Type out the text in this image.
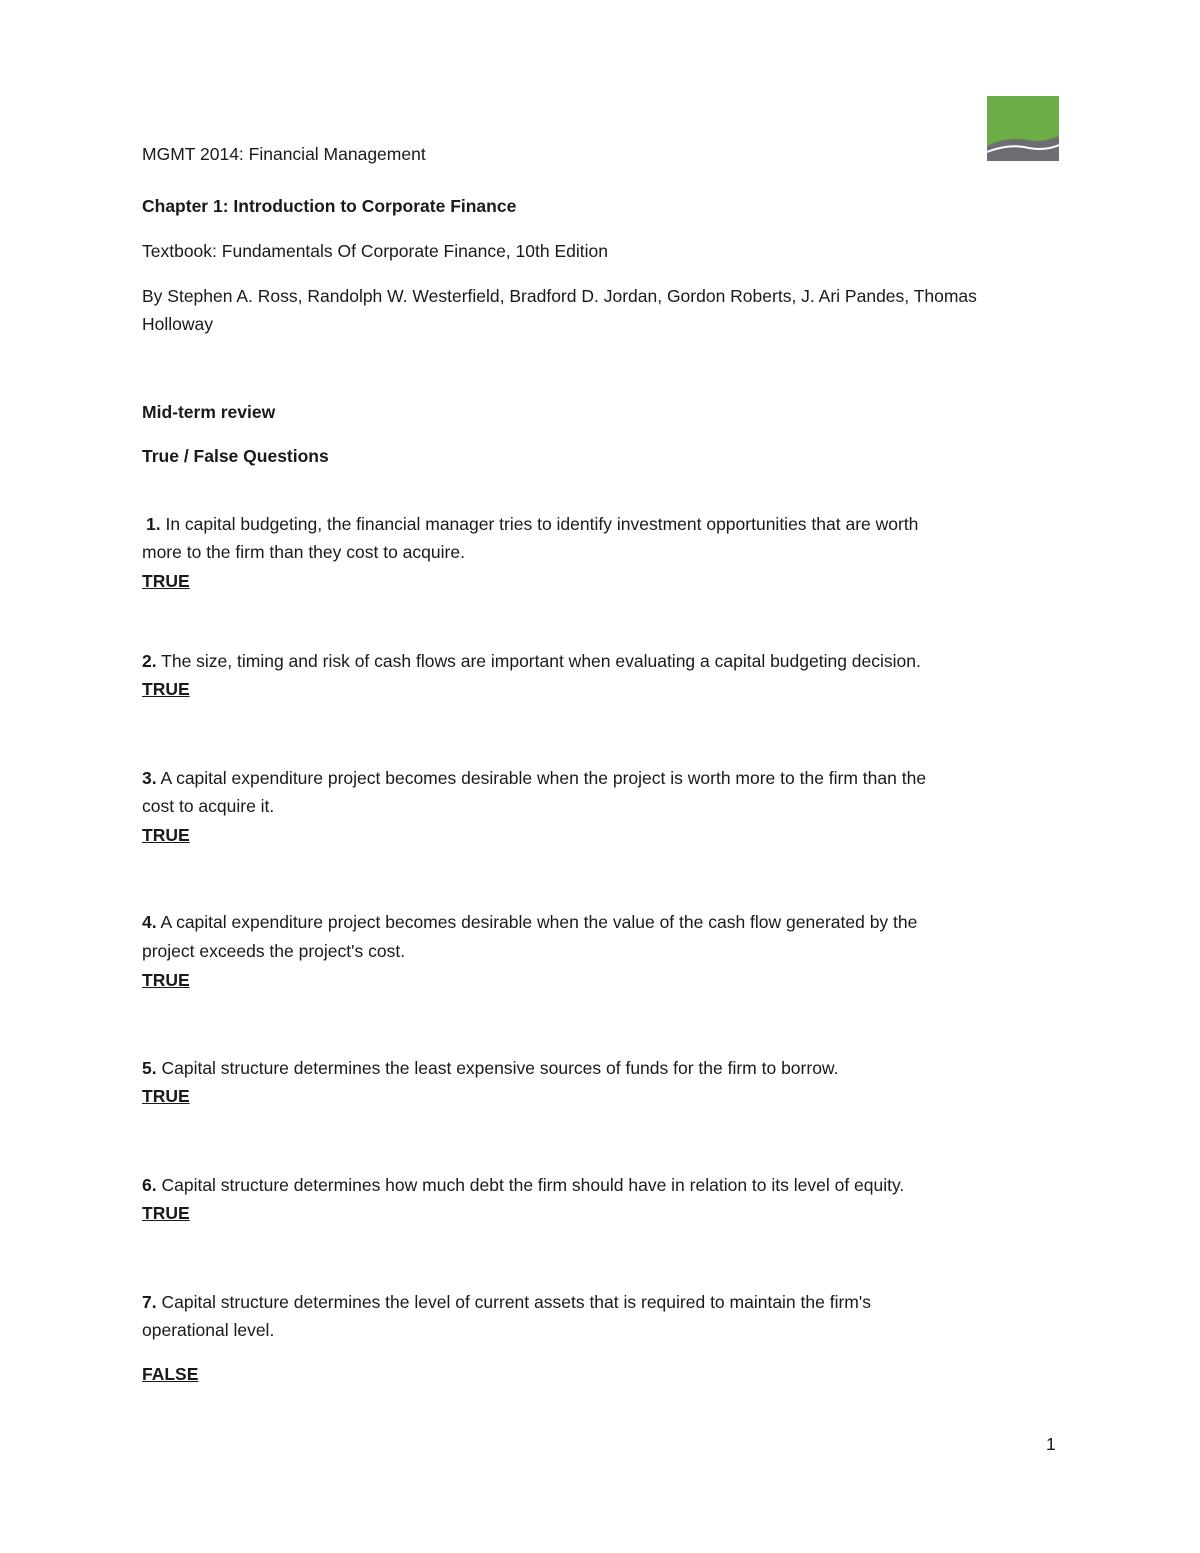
MGMT 2014: Financial Management
Chapter 1: Introduction to Corporate Finance
Textbook: Fundamentals Of Corporate Finance, 10th Edition
By Stephen A. Ross, Randolph W. Westerfield, Bradford D. Jordan, Gordon Roberts, J. Ari Pandes, Thomas
Holloway
Mid-term review
True / False Questions
1. In capital budgeting, the financial manager tries to identify investment opportunities that are worth
more to the firm than they cost to acquire.
TRUE
2. The size, timing and risk of cash flows are important when evaluating a capital budgeting decision.
TRUE
3. A capital expenditure project becomes desirable when the project is worth more to the firm than the
cost to acquire it.
TRUE
4. A capital expenditure project becomes desirable when the value of the cash flow generated by the
project exceeds the project's cost.
TRUE
5. Capital structure determines the least expensive sources of funds for the firm to borrow.
TRUE
6. Capital structure determines how much debt the firm should have in relation to its level of equity.
TRUE
7. Capital structure determines the level of current assets that is required to maintain the firm's
operational level.
FALSE
1
